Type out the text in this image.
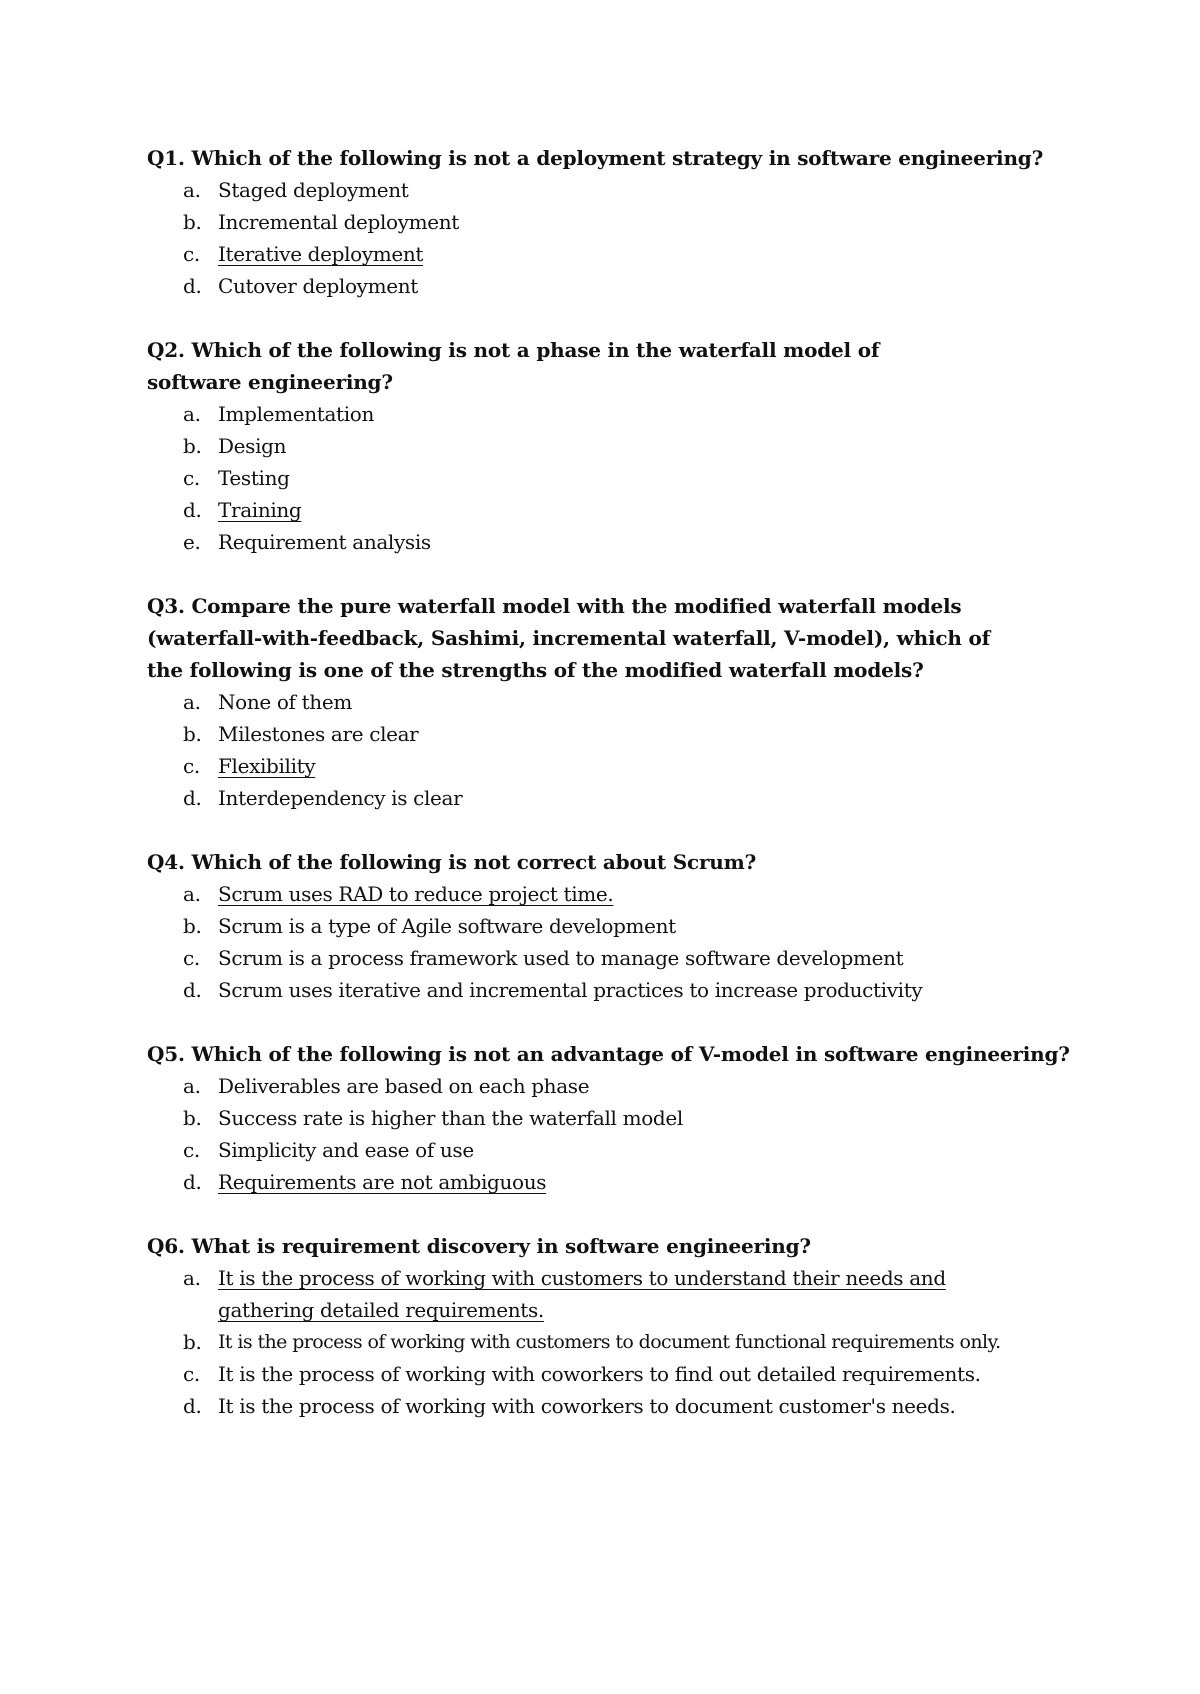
Q1. Which of the following is not a deployment strategy in software engineering?
a. Staged deployment
b. Incremental deployment
c. Iterative deployment
d. Cutover deployment
Q2. Which of the following is not a phase in the waterfall model of software engineering?
a. Implementation
b. Design
c. Testing
d. Training
e. Requirement analysis
Q3. Compare the pure waterfall model with the modified waterfall models (waterfall-with-feedback, Sashimi, incremental waterfall, V-model), which of the following is one of the strengths of the modified waterfall models?
a. None of them
b. Milestones are clear
c. Flexibility
d. Interdependency is clear
Q4. Which of the following is not correct about Scrum?
a. Scrum uses RAD to reduce project time.
b. Scrum is a type of Agile software development
c. Scrum is a process framework used to manage software development
d. Scrum uses iterative and incremental practices to increase productivity
Q5. Which of the following is not an advantage of V-model in software engineering?
a. Deliverables are based on each phase
b. Success rate is higher than the waterfall model
c. Simplicity and ease of use
d. Requirements are not ambiguous
Q6. What is requirement discovery in software engineering?
a. It is the process of working with customers to understand their needs and gathering detailed requirements.
b. It is the process of working with customers to document functional requirements only.
c. It is the process of working with coworkers to find out detailed requirements.
d. It is the process of working with coworkers to document customer's needs.
